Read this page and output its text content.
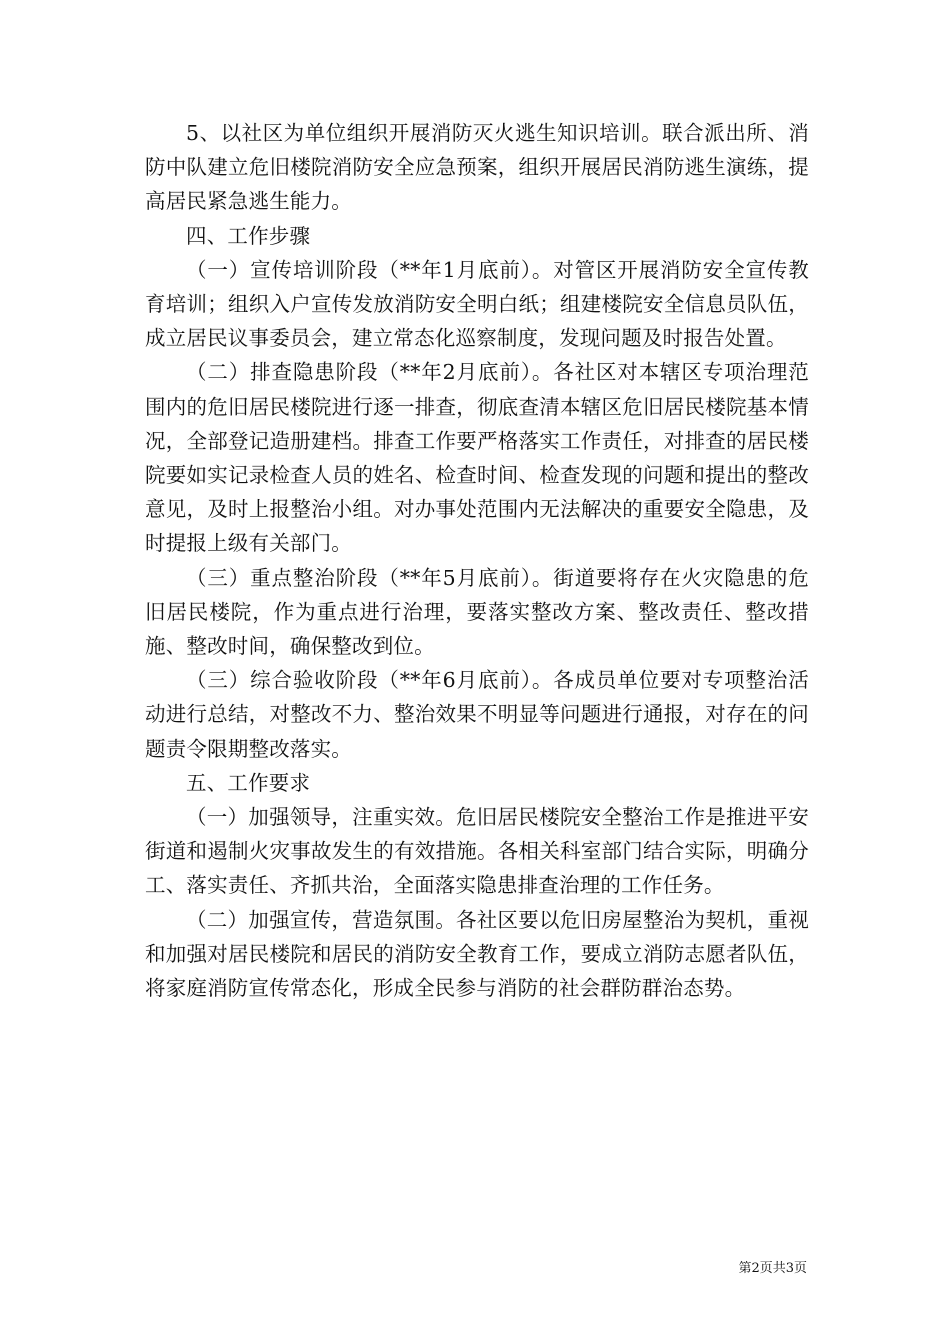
5、以社区为单位组织开展消防灭火逃生知识培训。联合派出所、消防中队建立危旧楼院消防安全应急预案，组织开展居民消防逃生演练，提高居民紧急逃生能力。

四、工作步骤

（一）宣传培训阶段（**年1月底前）。对管区开展消防安全宣传教育培训；组织入户宣传发放消防安全明白纸；组建楼院安全信息员队伍，成立居民议事委员会，建立常态化巡察制度，发现问题及时报告处置。

（二）排查隐患阶段（**年2月底前）。各社区对本辖区专项治理范围内的危旧居民楼院进行逐一排查，彻底查清本辖区危旧居民楼院基本情况，全部登记造册建档。排查工作要严格落实工作责任，对排查的居民楼院要如实记录检查人员的姓名、检查时间、检查发现的问题和提出的整改意见，及时上报整治小组。对办事处范围内无法解决的重要安全隐患，及时提报上级有关部门。

（三）重点整治阶段（**年5月底前）。街道要将存在火灾隐患的危旧居民楼院，作为重点进行治理，要落实整改方案、整改责任、整改措施、整改时间，确保整改到位。

（三）综合验收阶段（**年6月底前）。各成员单位要对专项整治活动进行总结，对整改不力、整治效果不明显等问题进行通报，对存在的问题责令限期整改落实。

五、工作要求

（一）加强领导，注重实效。危旧居民楼院安全整治工作是推进平安街道和遏制火灾事故发生的有效措施。各相关科室部门结合实际，明确分工、落实责任、齐抓共治，全面落实隐患排查治理的工作任务。

（二）加强宣传，营造氛围。各社区要以危旧房屋整治为契机，重视和加强对居民楼院和居民的消防安全教育工作，要成立消防志愿者队伍，将家庭消防宣传常态化，形成全民参与消防的社会群防群治态势。

第2页共3页
